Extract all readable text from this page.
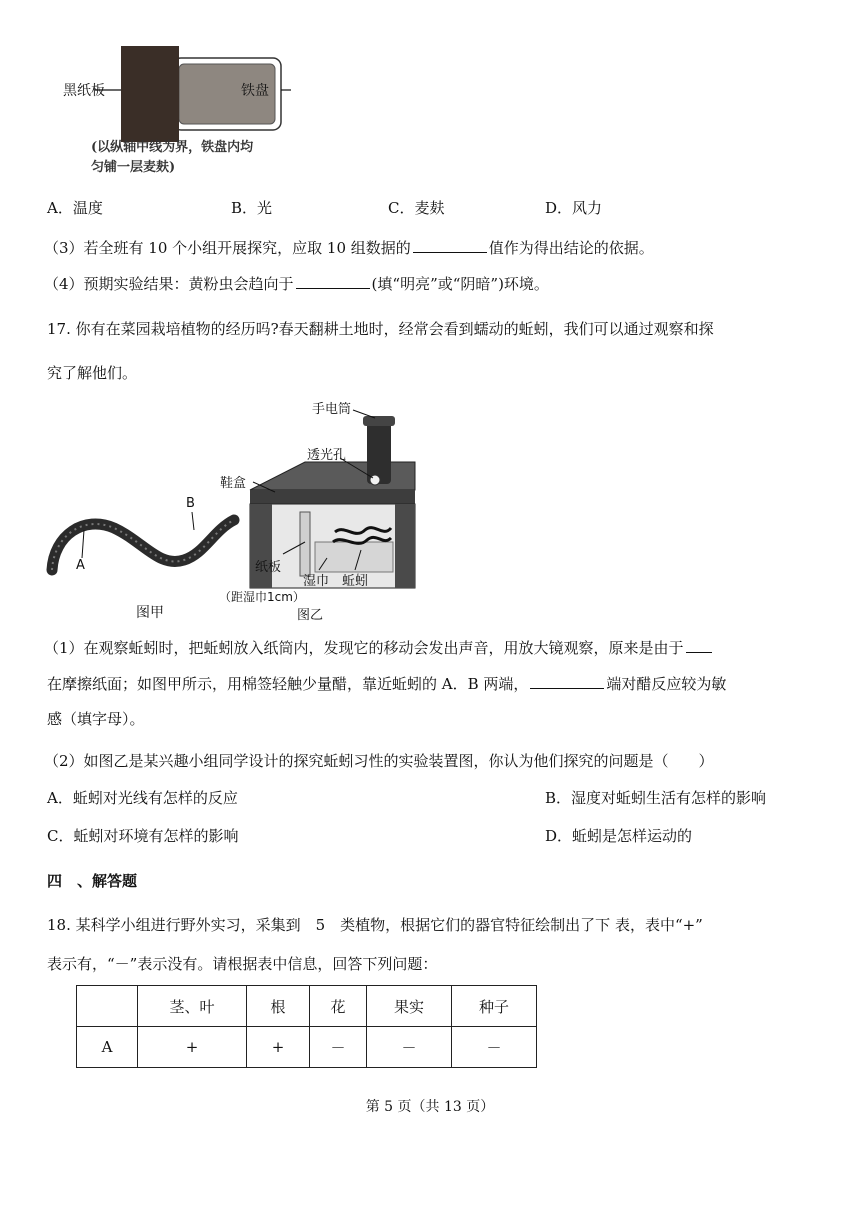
黑纸板	铁盘
(以纵轴中线为界，铁盘内均
匀铺一层麦麸)
A．温度	B．光	C．麦麸	D．风力
（3）若全班有 10 个小组开展探究，应取 10 组数据的	值作为得出结论的依据。
（4）预期实验结果：黄粉虫会趋向于	(填“明亮”或“阴暗”)环境。
17. 你有在菜园栽培植物的经历吗?春天翻耕土地时，经常会看到蠕动的蚯蚓，我们可以通过观察和探
究了解他们。
A
B
图甲
手电筒
透光孔
鞋盒
纸板
湿巾 蚯蚓
（距湿巾1cm）
图乙
（1）在观察蚯蚓时，把蚯蚓放入纸筒内，发现它的移动会发出声音，用放大镜观察，原来是由于
在摩擦纸面；如图甲所示，用棉签轻触少量醋，靠近蚯蚓的 A．B 两端，	端对醋反应较为敏
感（填字母）。
（2）如图乙是某兴趣小组同学设计的探究蚯蚓习性的实验装置图，你认为他们探究的问题是（　　）
A．蚯蚓对光线有怎样的反应	B．湿度对蚯蚓生活有怎样的影响
C．蚯蚓对环境有怎样的影响	D．蚯蚓是怎样运动的
四　、解答题
18. 某科学小组进行野外实习，采集到　5　类植物，根据它们的器官特征绘制出了下 表，表中“+”
表示有，“－”表示没有。请根据表中信息，回答下列问题：
	茎、叶	根	花	果实	种子
A	+	+	－	－	－
第 5 页（共 13 页）
